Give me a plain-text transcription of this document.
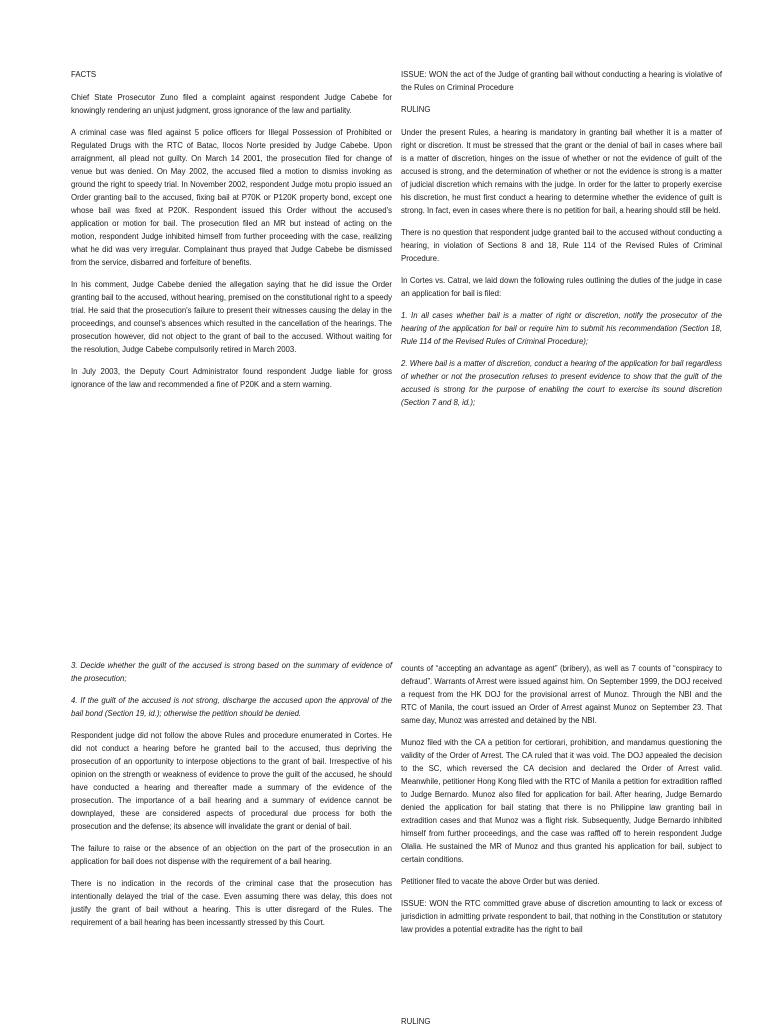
FACTS

Chief State Prosecutor Zuno filed a complaint against respondent Judge Cabebe for knowingly rendering an unjust judgment, gross ignorance of the law and partiality.

A criminal case was filed against 5 police officers for Illegal Possession of Prohibited or Regulated Drugs with the RTC of Batac, Ilocos Norte presided by Judge Cabebe. Upon arraignment, all plead not guilty. On March 14 2001, the prosecution filed for change of venue but was denied. On May 2002, the accused filed a motion to dismiss invoking as ground the right to speedy trial. In November 2002, respondent Judge motu propio issued an Order granting bail to the accused, fixing bail at P70K or P120K property bond, except one whose bail was fixed at P20K. Respondent issued this Order without the accused's application or motion for bail. The prosecution filed an MR but instead of acting on the motion, respondent Judge inhibited himself from further proceeding with the case, realizing what he did was very irregular. Complainant thus prayed that Judge Cabebe be dismissed from the service, disbarred and forfeiture of benefits.

In his comment, Judge Cabebe denied the allegation saying that he did issue the Order granting bail to the accused, without hearing, premised on the constitutional right to a speedy trial. He said that the prosecution's failure to present their witnesses causing the delay in the proceedings, and counsel's absences which resulted in the cancellation of the hearings. The prosecution however, did not object to the grant of bail to the accused. Without waiting for the resolution, Judge Cabebe compulsorily retired in March 2003.

In July 2003, the Deputy Court Administrator found respondent Judge liable for gross ignorance of the law and recommended a fine of P20K and a stern warning.

ISSUE: WON the act of the Judge of granting bail without conducting a hearing is violative of the Rules on Criminal Procedure

RULING

Under the present Rules, a hearing is mandatory in granting bail whether it is a matter of right or discretion. It must be stressed that the grant or the denial of bail in cases where bail is a matter of discretion, hinges on the issue of whether or not the evidence of guilt of the accused is strong, and the determination of whether or not the evidence is strong is a matter of judicial discretion which remains with the judge. In order for the latter to properly exercise his discretion, he must first conduct a hearing to determine whether the evidence of guilt is strong. In fact, even in cases where there is no petition for bail, a hearing should still be held.

There is no question that respondent judge granted bail to the accused without conducting a hearing, in violation of Sections 8 and 18, Rule 114 of the Revised Rules of Criminal Procedure.

In Cortes vs. Catral, we laid down the following rules outlining the duties of the judge in case an application for bail is filed:

1. In all cases whether bail is a matter of right or discretion, notify the prosecutor of the hearing of the application for bail or require him to submit his recommendation (Section 18, Rule 114 of the Revised Rules of Criminal Procedure);

2. Where bail is a matter of discretion, conduct a hearing of the application for bail regardless of whether or not the prosecution refuses to present evidence to show that the guilt of the accused is strong for the purpose of enabling the court to exercise its sound discretion (Section 7 and 8, id.);

3. Decide whether the guilt of the accused is strong based on the summary of evidence of the prosecution;

4. If the guilt of the accused is not strong, discharge the accused upon the approval of the bail bond (Section 19, id.); otherwise the petition should be denied.

Respondent judge did not follow the above Rules and procedure enumerated in Cortes. He did not conduct a hearing before he granted bail to the accused, thus depriving the prosecution of an opportunity to interpose objections to the grant of bail. Irrespective of his opinion on the strength or weakness of evidence to prove the guilt of the accused, he should have conducted a hearing and thereafter made a summary of the evidence of the prosecution. The importance of a bail hearing and a summary of evidence cannot be downplayed, these are considered aspects of procedural due process for both the prosecution and the defense; its absence will invalidate the grant or denial of bail.

The failure to raise or the absence of an objection on the part of the prosecution in an application for bail does not dispense with the requirement of a bail hearing.

There is no indication in the records of the criminal case that the prosecution has intentionally delayed the trial of the case. Even assuming there was delay, this does not justify the grant of bail without a hearing. This is utter disregard of the Rules. The requirement of a bail hearing has been incessantly stressed by this Court.

counts of “accepting an advantage as agent” (bribery), as well as 7 counts of “conspiracy to defraud”. Warrants of Arrest were issued against him. On September 1999, the DOJ received a request from the HK DOJ for the provisional arrest of Munoz. Through the NBI and the RTC of Manila, the court issued an Order of Arrest against Munoz on September 23. That same day, Munoz was arrested and detained by the NBI.

Munoz filed with the CA a petition for certiorari, prohibition, and mandamus questioning the validity of the Order of Arrest. The CA ruled that it was void. The DOJ appealed the decision to the SC, which reversed the CA decision and declared the Order of Arrest valid. Meanwhile, petitioner Hong Kong filed with the RTC of Manila a petition for extradition raffled to Judge Bernardo. Munoz also filed for application for bail. After hearing, Judge Bernardo denied the application for bail stating that there is no Philippine law granting bail in extradition cases and that Munoz was a flight risk. Subsequently, Judge Bernardo inhibited himself from further proceedings, and the case was raffled off to herein respondent Judge Olalia. He sustained the MR of Munoz and thus granted his application for bail, subject to certain conditions.

Petitioner filed to vacate the above Order but was denied.

ISSUE: WON the RTC committed grave abuse of discretion amounting to lack or excess of jurisdiction in admitting private respondent to bail, that nothing in the Constitution or statutory law provides a potential extradite has the right to bail

RULING
